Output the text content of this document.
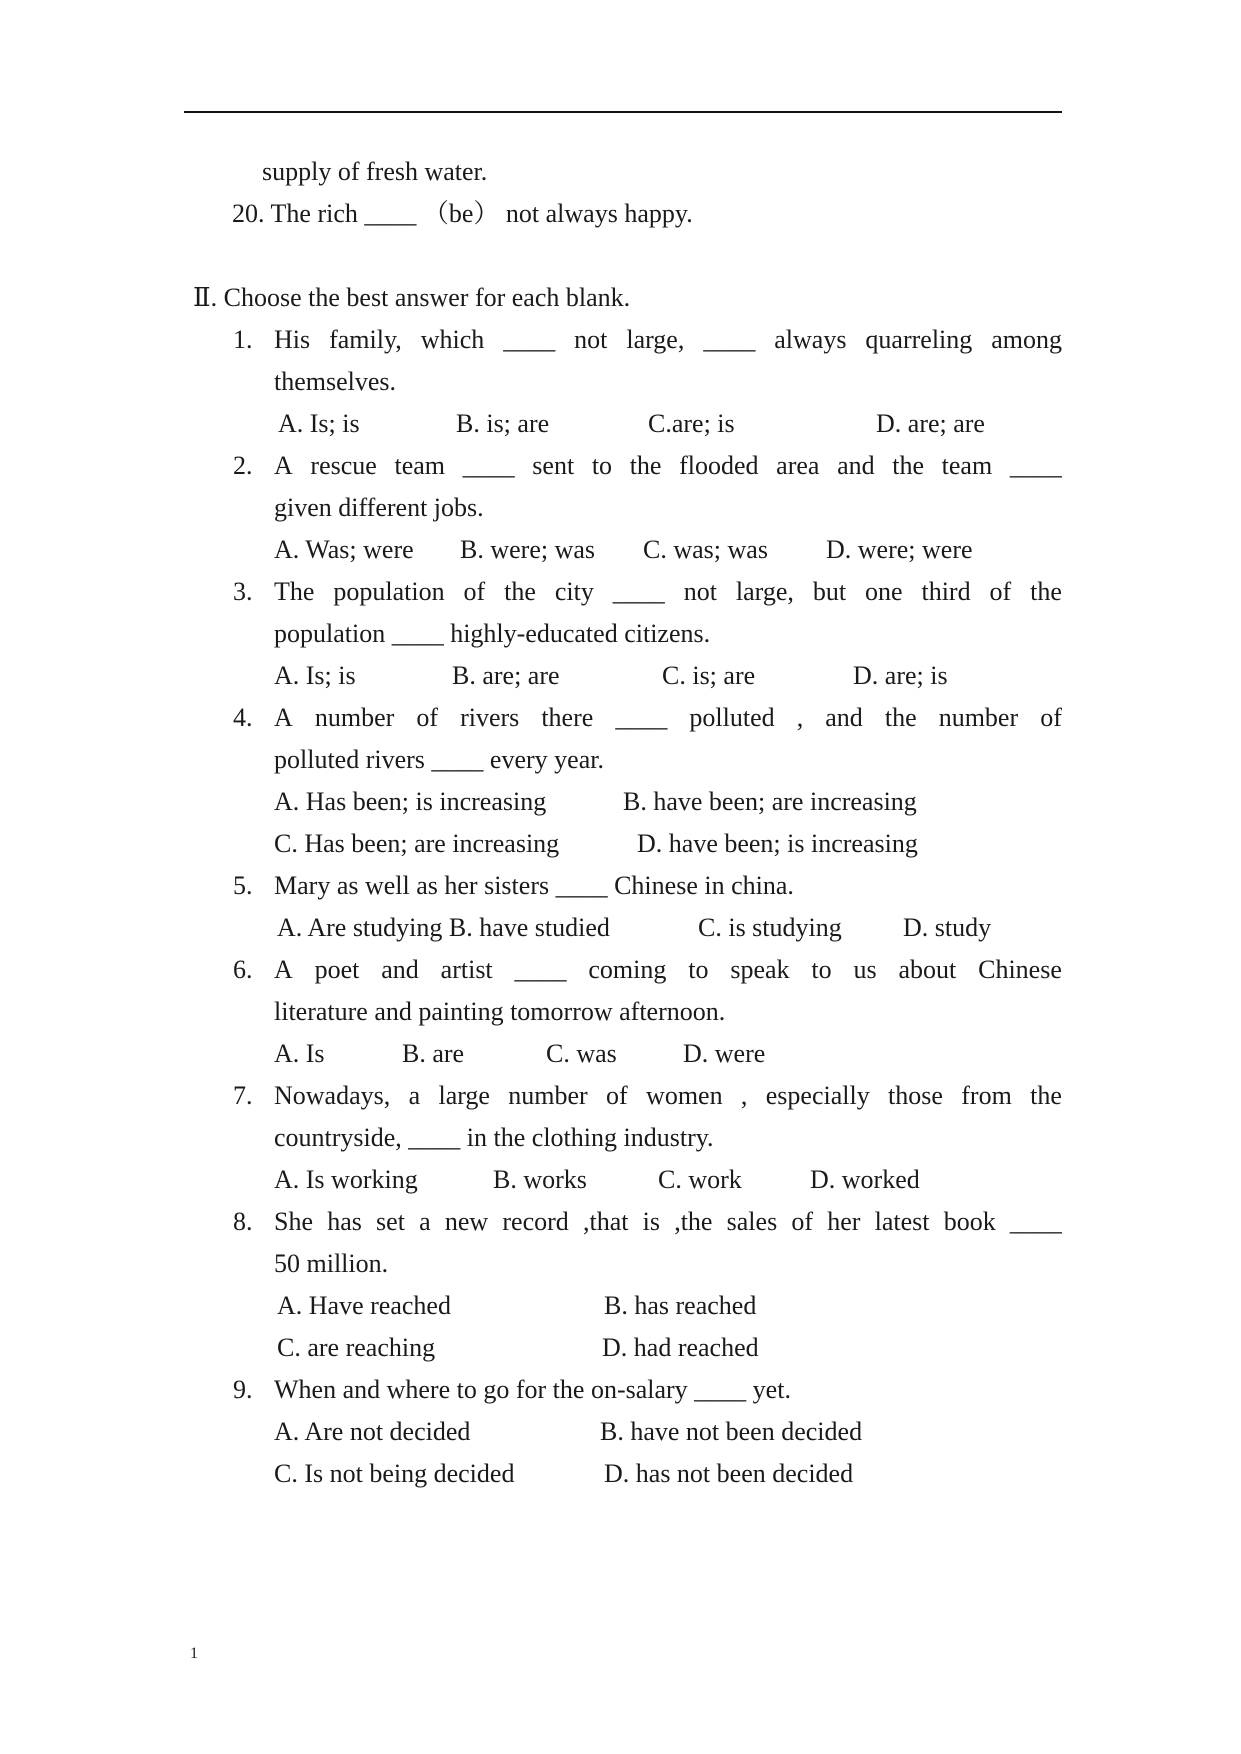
supply of fresh water.
20. The rich ____ （be） not always happy.
Ⅱ. Choose the best answer for each blank.
1. His family, which ____ not large, ____ always quarreling among
themselves.
A. Is; is	B. is; are	C.are; is	D. are; are
2. A rescue team ____ sent to the flooded area and the team ____
given different jobs.
A. Was; were B. were; was C. was; was D. were; were
3. The population of the city ____ not large, but one third of the
population ____ highly-educated citizens.
A. Is; is	B. are; are	C. is; are	D. are; is
4. A number of rivers there ____ polluted , and the number of
polluted rivers ____ every year.
A. Has been; is increasing	B. have been; are increasing
C. Has been; are increasing	D. have been; is increasing
5. Mary as well as her sisters ____ Chinese in china.
A. Are studying B. have studied	C. is studying D. study
6. A poet and artist ____ coming to speak to us about Chinese
literature and painting tomorrow afternoon.
A. Is	B. are	C. was	D. were
7. Nowadays, a large number of women , especially those from the
countryside, ____ in the clothing industry.
A. Is working	B. works	C. work	D. worked
8. She has set a new record ,that is ,the sales of her latest book ____
50 million.
A. Have reached	B. has reached
C. are reaching	D. had reached
9. When and where to go for the on-salary ____ yet.
A. Are not decided	B. have not been decided
C. Is not being decided	D. has not been decided
1
